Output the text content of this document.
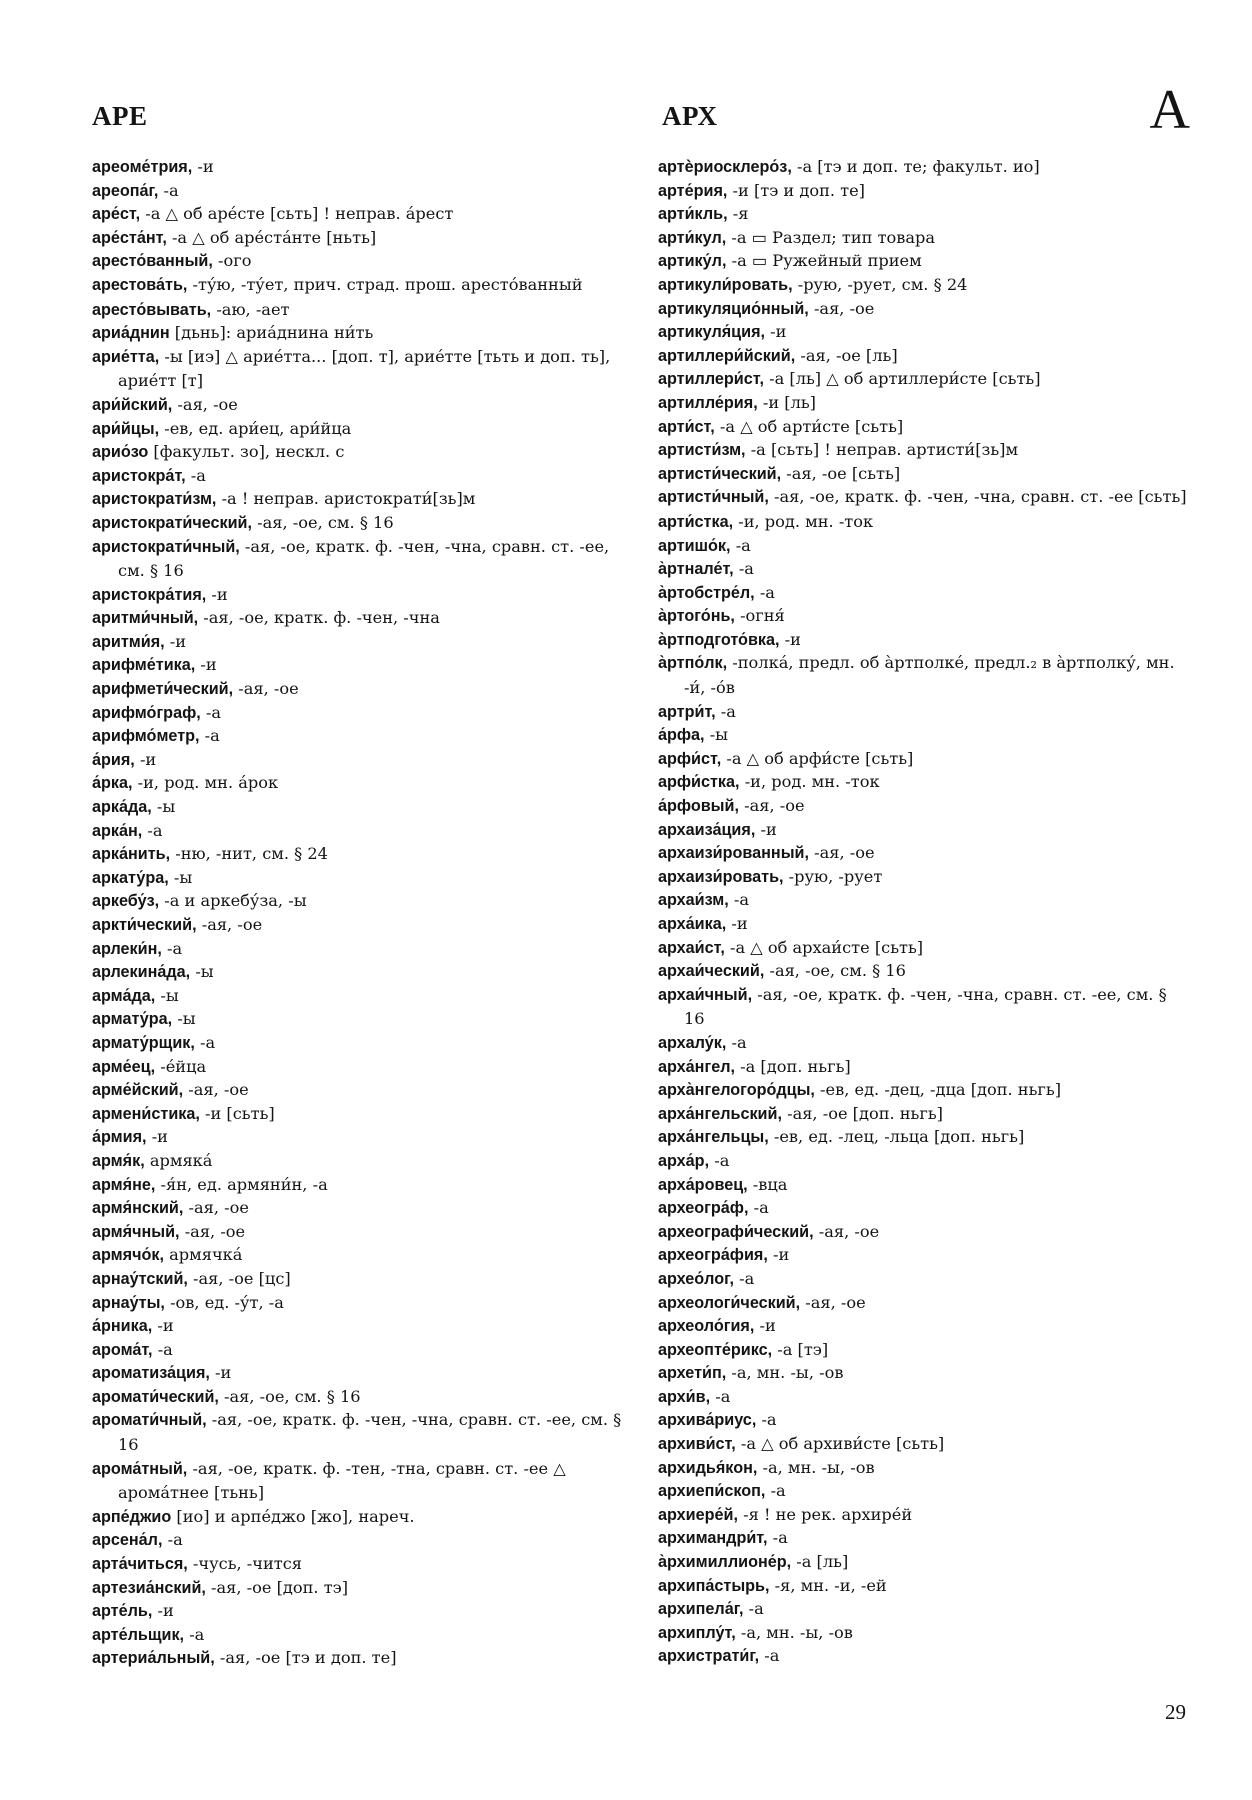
АРЕ	АРХ	А
ареоме́трия, -и
ареопа́г, -а
аре́ст, -а △ об аре́сте [сьть] ! неправ. а́рест
аре́ста́нт, -а △ об аре́ста́нте [ньть]
аресто́ванный, -ого
арестова́ть, -ту́ю, -ту́ет, прич. страд. прош. аресто́ванный
аресто́вывать, -аю, -ает
ариа́днин [дьнь]: ариа́днина ни́ть
арие́тта, -ы [иэ] △ арие́тта... [доп. т], арие́тте [тьть и доп. ть], арие́тт [т]
ари́йский, -ая, -ое
ари́йцы, -ев, ед. ари́ец, ари́йца
арио́зо [факульт. зо], нескл. с
аристокра́т, -а
аристократи́зм, -а ! неправ. аристократи́[зь]м
аристократи́ческий, -ая, -ое, см. § 16
аристократи́чный, -ая, -ое, кратк. ф. -чен, -чна, сравн. ст. -ее, см. § 16
аристокра́тия, -и
аритми́чный, -ая, -ое, кратк. ф. -чен, -чна
аритми́я, -и
арифме́тика, -и
арифмети́ческий, -ая, -ое
арифмо́граф, -а
арифмо́метр, -а
а́рия, -и
а́рка, -и, род. мн. а́рок
арка́да, -ы
арка́н, -а
арка́нить, -ню, -нит, см. § 24
аркату́ра, -ы
аркебу́з, -а и аркебу́за, -ы
аркти́ческий, -ая, -ое
арлеки́н, -а
арлекина́да, -ы
арма́да, -ы
армату́ра, -ы
армату́рщик, -а
арме́ец, -е́йца
арме́йский, -ая, -ое
армени́стика, -и [сьть]
а́рмия, -и
армя́к, армяка́
армя́не, -я́н, ед. армяни́н, -а
армя́нский, -ая, -ое
армя́чный, -ая, -ое
армячо́к, армячка́
арнау́тский, -ая, -ое [цс]
арнау́ты, -ов, ед. -у́т, -а
а́рника, -и
арома́т, -а
ароматиза́ция, -и
аромати́ческий, -ая, -ое, см. § 16
аромати́чный, -ая, -ое, кратк. ф. -чен, -чна, сравн. ст. -ее, см. § 16
арома́тный, -ая, -ое, кратк. ф. -тен, -тна, сравн. ст. -ее △ арома́тнее [тьнь]
арпе́джио [ио] и арпе́джо [жо], нареч.
арсена́л, -а
арта́читься, -чусь, -чится
артезиа́нский, -ая, -ое [доп. тэ]
арте́ль, -и
арте́льщик, -а
артериа́льный, -ая, -ое [тэ и доп. те]
артѐриосклеро́з, -а [тэ и доп. те; факульт. ио]
арте́рия, -и [тэ и доп. те]
арти́кль, -я
арти́кул, -а ▭ Раздел; тип товара
артику́л, -а ▭ Ружейный прием
артикули́ровать, -рую, -рует, см. § 24
артикуляцио́нный, -ая, -ое
артикуля́ция, -и
артиллери́йский, -ая, -ое [ль]
артиллери́ст, -а [ль] △ об артиллери́сте [сьть]
артилле́рия, -и [ль]
арти́ст, -а △ об арти́сте [сьть]
артисти́зм, -а [сьть] ! неправ. артисти́[зь]м
артисти́ческий, -ая, -ое [сьть]
артисти́чный, -ая, -ое, кратк. ф. -чен, -чна, сравн. ст. -ее [сьть]
арти́стка, -и, род. мн. -ток
артишо́к, -а
а̀ртнале́т, -а
а̀ртобстре́л, -а
а̀ртого́нь, -огня́
а̀ртподгото́вка, -и
а̀ртпо́лк, -полка́, предл. об а̀ртполке́, предл.₂ в а̀ртполку́, мн. -и́, -о́в
артри́т, -а
а́рфа, -ы
арфи́ст, -а △ об арфи́сте [сьть]
арфи́стка, -и, род. мн. -ток
а́рфовый, -ая, -ое
архаиза́ция, -и
архаизи́рованный, -ая, -ое
архаизи́ровать, -рую, -рует
архаи́зм, -а
арха́ика, -и
архаи́ст, -а △ об архаи́сте [сьть]
архаи́ческий, -ая, -ое, см. § 16
архаи́чный, -ая, -ое, кратк. ф. -чен, -чна, сравн. ст. -ее, см. § 16
архалу́к, -а
арха́нгел, -а [доп. ньгь]
арха̀нгелогоро́дцы, -ев, ед. -дец, -дца [доп. ньгь]
арха́нгельский, -ая, -ое [доп. ньгь]
арха́нгельцы, -ев, ед. -лец, -льца [доп. ньгь]
арха́р, -а
арха́ровец, -вца
археогра́ф, -а
археографи́ческий, -ая, -ое
археогра́фия, -и
архео́лог, -а
археологи́ческий, -ая, -ое
археоло́гия, -и
археопте́рикс, -а [тэ]
архети́п, -а, мн. -ы, -ов
архи́в, -а
архива́риус, -а
архиви́ст, -а △ об архиви́сте [сьть]
архидья́кон, -а, мн. -ы, -ов
архиепи́скоп, -а
архиере́й, -я ! не рек. архире́й
архимандри́т, -а
а̀рхимиллионе́р, -а [ль]
архипа́стырь, -я, мн. -и, -ей
архипела́г, -а
архиплу́т, -а, мн. -ы, -ов
архистрати́г, -а
29
